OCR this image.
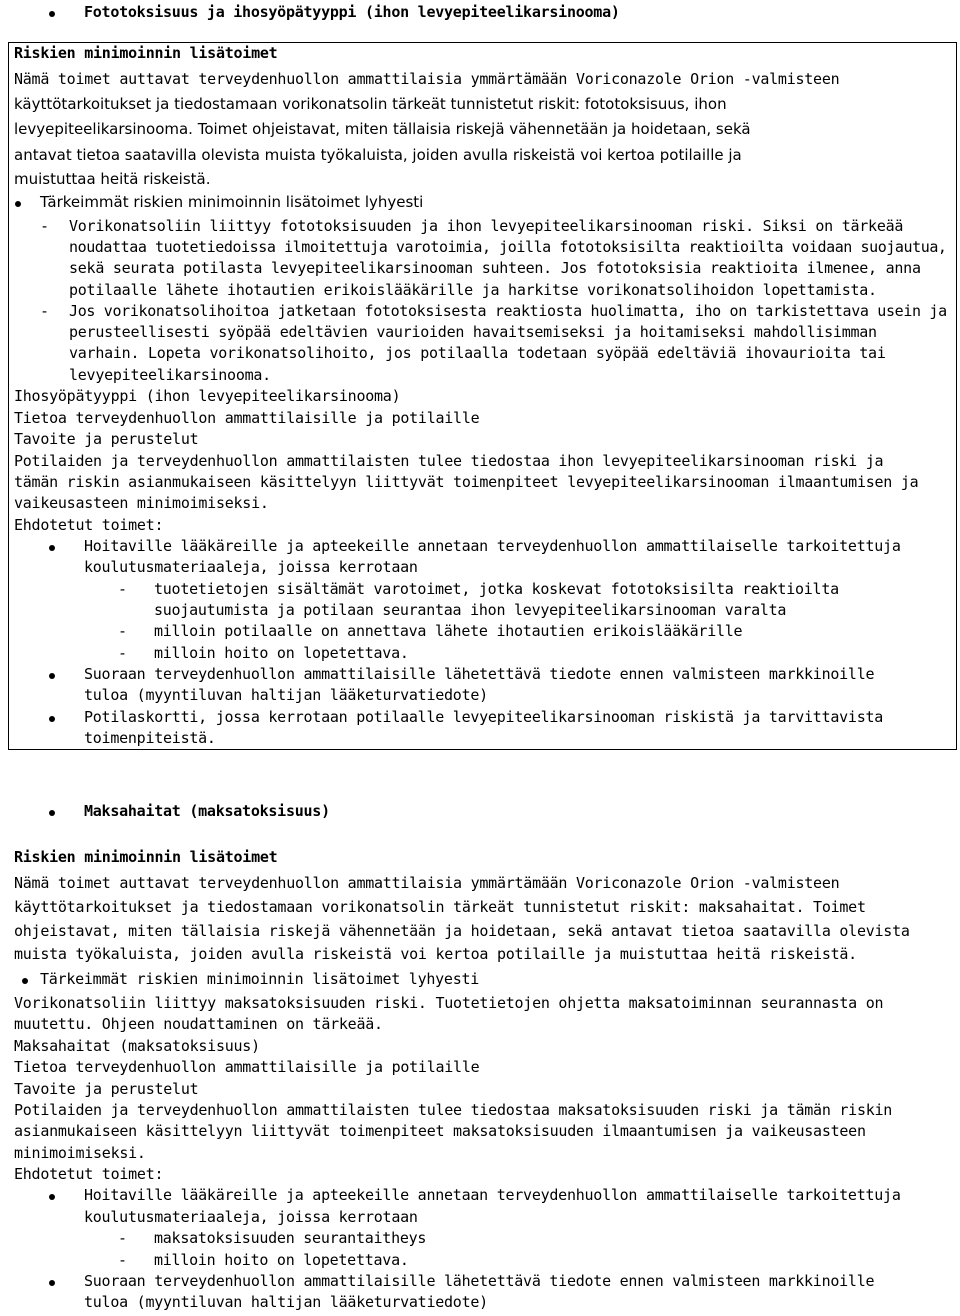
Fototoksisuus ja ihosyöpätyyppi (ihon levyepiteelikarsinooma)
Riskien minimoinnin lisätoimet
Nämä toimet auttavat terveydenhuollon ammattilaisia ymmärtämään Voriconazole Orion -valmisteen
käyttötarkoitukset ja tiedostamaan vorikonatsolin tärkeät tunnistetut riskit: fototoksisuus, ihon
levyepiteelikarsinooma. Toimet ohjeistavat, miten tällaisia riskejä vähennetään ja hoidetaan, sekä
antavat tietoa saatavilla olevista muista työkaluista, joiden avulla riskeistä voi kertoa potilaille ja
muistuttaa heitä riskeistä.
Tärkeimmät riskien minimoinnin lisätoimet lyhyesti
- Vorikonatsoliin liittyy fototoksisuuden ja ihon levyepiteelikarsinooman riski. Siksi on tärkeää
noudattaa tuotetiedoissa ilmoitettuja varotoimia, joilla fototoksisilta reaktioilta voidaan suojautua,
sekä seurata potilasta levyepiteelikarsinooman suhteen. Jos fototoksisia reaktioita ilmenee, anna
potilaalle lähete ihotautien erikoislääkärille ja harkitse vorikonatsolihoidon lopettamista.
- Jos vorikonatsolihoitoa jatketaan fototoksisesta reaktiosta huolimatta, iho on tarkistettava usein ja
perusteellisesti syöpää edeltävien vaurioiden havaitsemiseksi ja hoitamiseksi mahdollisimman
varhain. Lopeta vorikonatsolihoito, jos potilaalla todetaan syöpää edeltäviä ihovaurioita tai
levyepiteelikarsinooma.
Ihosyöpätyyppi (ihon levyepiteelikarsinooma)
Tietoa terveydenhuollon ammattilaisille ja potilaille
Tavoite ja perustelut
Potilaiden ja terveydenhuollon ammattilaisten tulee tiedostaa ihon levyepiteelikarsinooman riski ja
tämän riskin asianmukaiseen käsittelyyn liittyvät toimenpiteet levyepiteelikarsinooman ilmaantumisen ja
vaikeusasteen minimoimiseksi.
Ehdotetut toimet:
Hoitaville lääkäreille ja apteekeille annetaan terveydenhuollon ammattilaiselle tarkoitettuja
koulutusmateriaaleja, joissa kerrotaan
- tuotetietojen sisältämät varotoimet, jotka koskevat fototoksisilta reaktioilta
suojautumista ja potilaan seurantaa ihon levyepiteelikarsinooman varalta
- milloin potilaalle on annettava lähete ihotautien erikoislääkärille
- milloin hoito on lopetettava.
Suoraan terveydenhuollon ammattilaisille lähetettävä tiedote ennen valmisteen markkinoille
tuloa (myyntiluvan haltijan lääketurvatiedote)
Potilaskortti, jossa kerrotaan potilaalle levyepiteelikarsinooman riskistä ja tarvittavista
toimenpiteistä.
Maksahaitat (maksatoksisuus)
Riskien minimoinnin lisätoimet
Nämä toimet auttavat terveydenhuollon ammattilaisia ymmärtämään Voriconazole Orion -valmisteen
käyttötarkoitukset ja tiedostamaan vorikonatsolin tärkeät tunnistetut riskit: maksahaitat. Toimet
ohjeistavat, miten tällaisia riskejä vähennetään ja hoidetaan, sekä antavat tietoa saatavilla olevista
muista työkaluista, joiden avulla riskeistä voi kertoa potilaille ja muistuttaa heitä riskeistä.
Tärkeimmät riskien minimoinnin lisätoimet lyhyesti
Vorikonatsoliin liittyy maksatoksisuuden riski. Tuotetietojen ohjetta maksatoiminnan seurannasta on
muutettu. Ohjeen noudattaminen on tärkeää.
Maksahaitat (maksatoksisuus)
Tietoa terveydenhuollon ammattilaisille ja potilaille
Tavoite ja perustelut
Potilaiden ja terveydenhuollon ammattilaisten tulee tiedostaa maksatoksisuuden riski ja tämän riskin
asianmukaiseen käsittelyyn liittyvät toimenpiteet maksatoksisuuden ilmaantumisen ja vaikeusasteen
minimoimiseksi.
Ehdotetut toimet:
Hoitaville lääkäreille ja apteekeille annetaan terveydenhuollon ammattilaiselle tarkoitettuja
koulutusmateriaaleja, joissa kerrotaan
- maksatoksisuuden seurantaitheys
- milloin hoito on lopetettava.
Suoraan terveydenhuollon ammattilaisille lähetettävä tiedote ennen valmisteen markkinoille
tuloa (myyntiluvan haltijan lääketurvatiedote)
